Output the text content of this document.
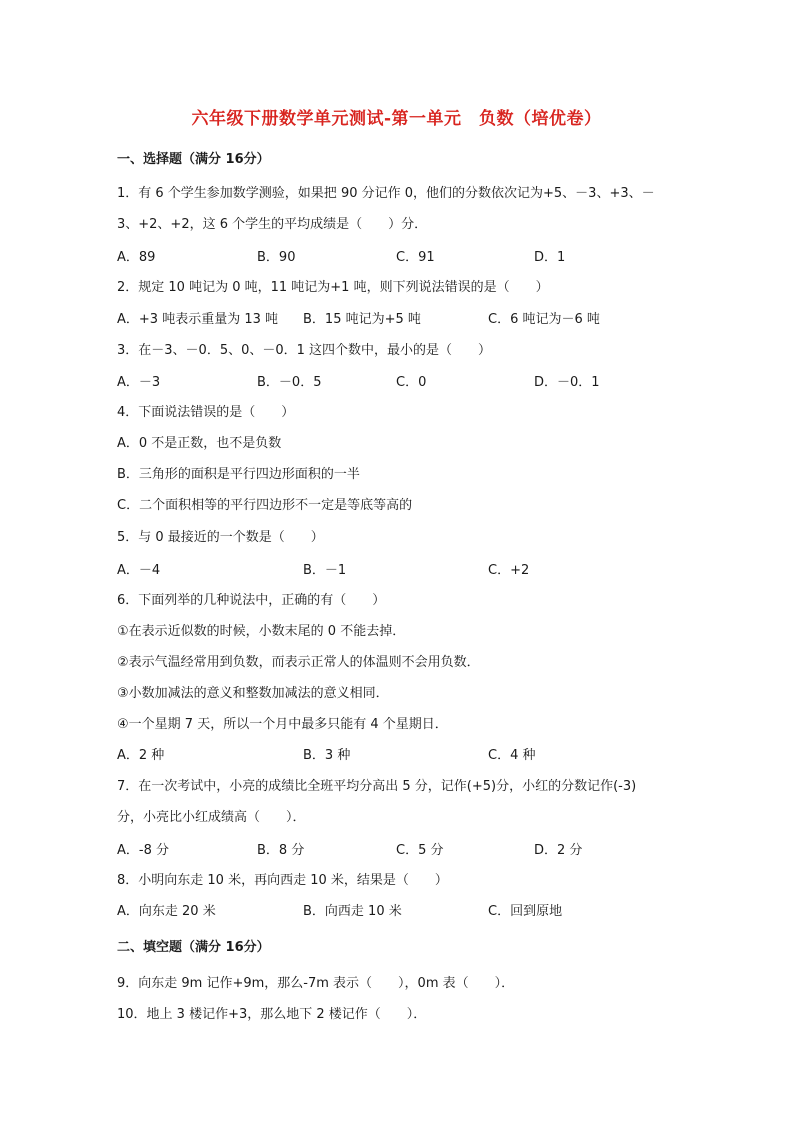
六年级下册数学单元测试-第一单元　负数（培优卷）
一、选择题（满分 16分）
1．有 6 个学生参加数学测验，如果把 90 分记作 0，他们的分数依次记为+5、－3、+3、－
3、+2、+2，这 6 个学生的平均成绩是（　　）分．
A．89	B．90	C．91	D．1
2．规定 10 吨记为 0 吨，11 吨记为+1 吨，则下列说法错误的是（　　）
A．+3 吨表示重量为 13 吨 B．15 吨记为+5 吨	C．6 吨记为－6 吨
3．在－3、－0．5、0、－0．1 这四个数中，最小的是（　　）
A．－3	B．－0．5	C．0	D．－0．1
4．下面说法错误的是（　　）
A．0 不是正数，也不是负数
B．三角形的面积是平行四边形面积的一半
C．二个面积相等的平行四边形不一定是等底等高的
5．与 0 最接近的一个数是（　　）
A．－4	B．－1	C．+2
6．下面列举的几种说法中，正确的有（　　）
①在表示近似数的时候，小数末尾的 0 不能去掉．
②表示气温经常用到负数，而表示正常人的体温则不会用负数．
③小数加减法的意义和整数加减法的意义相同．
④一个星期 7 天，所以一个月中最多只能有 4 个星期日．
A．2 种	B．3 种	C．4 种
7．在一次考试中，小亮的成绩比全班平均分高出 5 分，记作(+5)分，小红的分数记作(-3)
分，小亮比小红成绩高（　　）．
A．-8 分	B．8 分	C．5 分	D．2 分
8．小明向东走 10 米，再向西走 10 米，结果是（　　）
A．向东走 20 米	B．向西走 10 米	C．回到原地
二、填空题（满分 16分）
9．向东走 9m 记作+9m，那么-7m 表示（　　），0m 表（　　）．
10．地上 3 楼记作+3，那么地下 2 楼记作（　　）．
